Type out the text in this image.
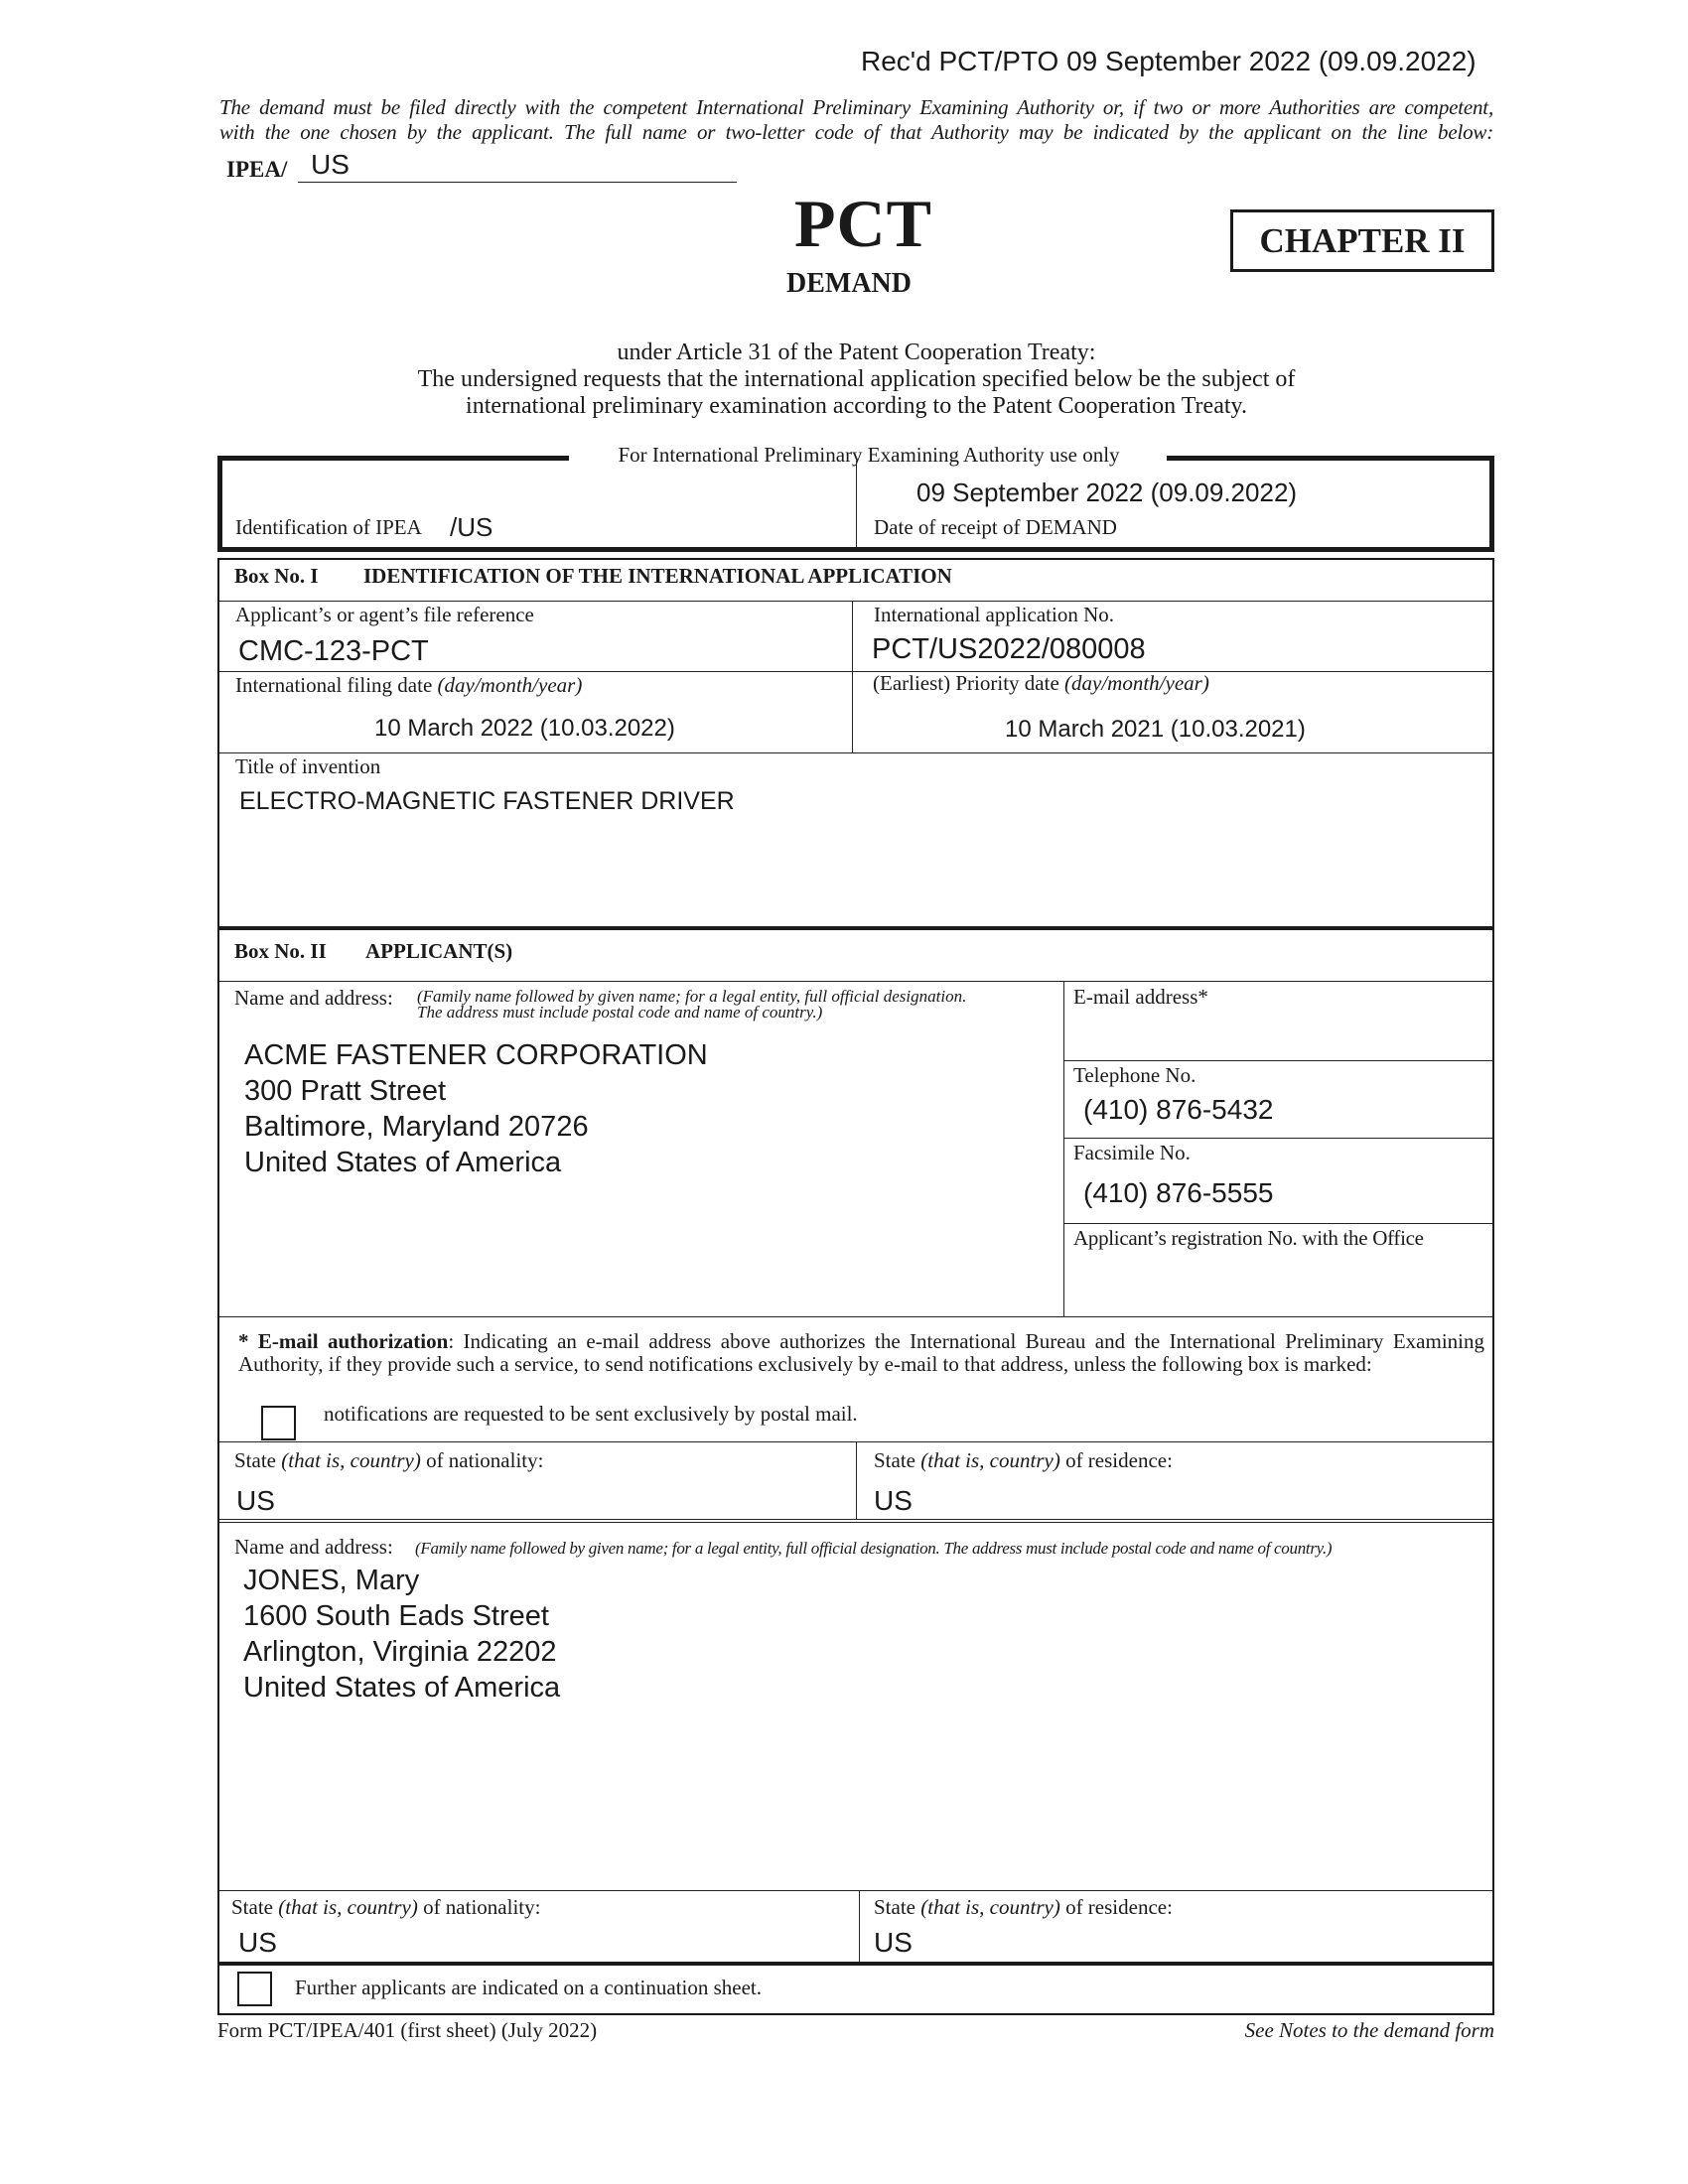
Rec'd PCT/PTO 09 September 2022 (09.09.2022)
The demand must be filed directly with the competent International Preliminary Examining Authority or, if two or more Authorities are competent,
with the one chosen by the applicant. The full name or two-letter code of that Authority may be indicated by the applicant on the line below:
IPEA/ US
PCT
DEMAND
CHAPTER II
under Article 31 of the Patent Cooperation Treaty:
The undersigned requests that the international application specified below be the subject of
international preliminary examination according to the Patent Cooperation Treaty.
For International Preliminary Examining Authority use only
Identification of IPEA /US
09 September 2022 (09.09.2022)
Date of receipt of DEMAND
Box No. I IDENTIFICATION OF THE INTERNATIONAL APPLICATION
Applicant’s or agent’s file reference
CMC-123-PCT
International application No.
PCT/US2022/080008
International filing date (day/month/year)
10 March 2022 (10.03.2022)
(Earliest) Priority date (day/month/year)
10 March 2021 (10.03.2021)
Title of invention
ELECTRO-MAGNETIC FASTENER DRIVER
Box No. II APPLICANT(S)
Name and address: (Family name followed by given name; for a legal entity, full official designation.
The address must include postal code and name of country.)
ACME FASTENER CORPORATION
300 Pratt Street
Baltimore, Maryland 20726
United States of America
E-mail address*
Telephone No.
(410) 876-5432
Facsimile No.
(410) 876-5555
Applicant’s registration No. with the Office
* E-mail authorization: Indicating an e-mail address above authorizes the International Bureau and the International Preliminary Examining Authority, if they provide such a service, to send notifications exclusively by e-mail to that address, unless the following box is marked:
notifications are requested to be sent exclusively by postal mail.
State (that is, country) of nationality:
US
State (that is, country) of residence:
US
Name and address: (Family name followed by given name; for a legal entity, full official designation. The address must include postal code and name of country.)
JONES, Mary
1600 South Eads Street
Arlington, Virginia 22202
United States of America
State (that is, country) of nationality:
US
State (that is, country) of residence:
US
Further applicants are indicated on a continuation sheet.
Form PCT/IPEA/401 (first sheet) (July 2022)	See Notes to the demand form
